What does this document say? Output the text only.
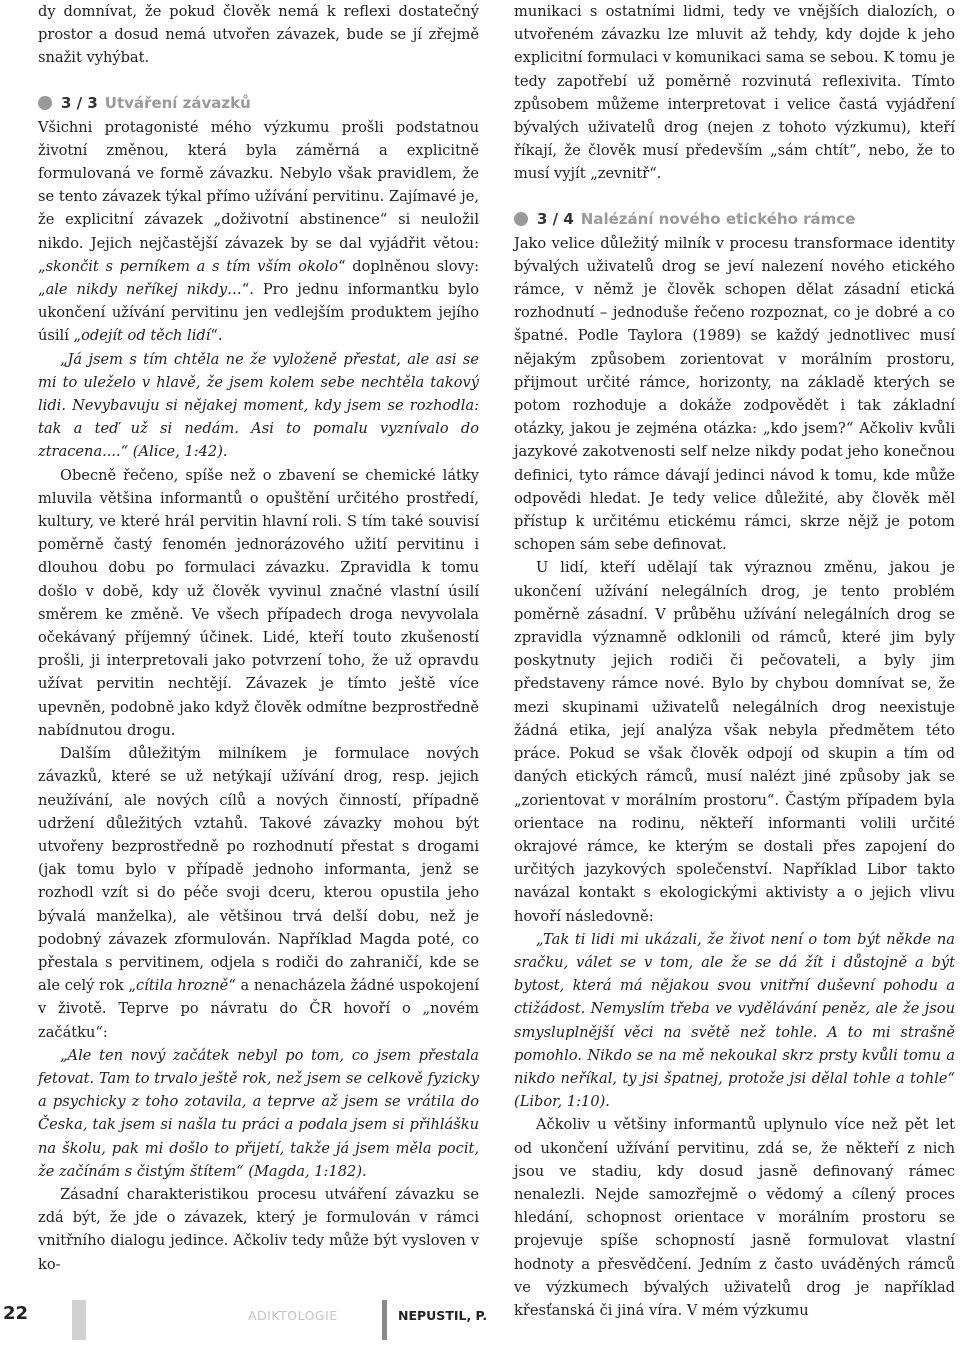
dy domnívat, že pokud člověk nemá k reflexi dostatečný prostor a dosud nemá utvořen závazek, bude se jí zřejmě snažit vyhýbat.

3 / 3 Utváření závazků

Všichni protagonisté mého výzkumu prošli podstatnou životní změnou, která byla záměrná a explicitně formulovaná ve formě závazku. Nebylo však pravidlem, že se tento závazek týkal přímo užívání pervitinu. Zajímavé je, že explicitní závazek „doživotní abstinence“ si neuložil nikdo. Jejich nejčastější závazek by se dal vyjádřit větou: „skončit s perníkem a s tím vším okolo“ doplněnou slovy: „ale nikdy neříkej nikdy…“. Pro jednu informantku bylo ukončení užívání pervitinu jen vedlejším produktem jejího úsilí „odejít od těch lidí“.

„Já jsem s tím chtěla ne že vyloženě přestat, ale asi se mi to uleželo v hlavě, že jsem kolem sebe nechtěla takový lidi. Nevybavuju si nějakej moment, kdy jsem se rozhodla: tak a teď už si nedám. Asi to pomalu vyznívalo do ztracena....“ (Alice, 1:42).

Obecně řečeno, spíše než o zbavení se chemické látky mluvila většina informantů o opuštění určitého prostředí, kultury, ve které hrál pervitin hlavní roli. S tím také souvisí poměrně častý fenomén jednorázového užití pervitinu i dlouhou dobu po formulaci závazku. Zpravidla k tomu došlo v době, kdy už člověk vyvinul značné vlastní úsilí směrem ke změně. Ve všech případech droga nevyvolala očekávaný příjemný účinek. Lidé, kteří touto zkušeností prošli, ji interpretovali jako potvrzení toho, že už opravdu užívat pervitin nechtějí. Závazek je tímto ještě více upevněn, podobně jako když člověk odmítne bezprostředně nabídnutou drogu.

Dalším důležitým milníkem je formulace nových závazků, které se už netýkají užívání drog, resp. jejich neužívání, ale nových cílů a nových činností, případně udržení důležitých vztahů. Takové závazky mohou být utvořeny bezprostředně po rozhodnutí přestat s drogami (jak tomu bylo v případě jednoho informanta, jenž se rozhodl vzít si do péče svoji dceru, kterou opustila jeho bývalá manželka), ale většinou trvá delší dobu, než je podobný závazek zformulován. Například Magda poté, co přestala s pervitinem, odjela s rodiči do zahraničí, kde se ale celý rok „cítila hrozně“ a nenacházela žádné uspokojení v životě. Teprve po návratu do ČR hovoří o „novém začátku“:

„Ale ten nový začátek nebyl po tom, co jsem přestala fetovat. Tam to trvalo ještě rok, než jsem se celkově fyzicky a psychicky z toho zotavila, a teprve až jsem se vrátila do Česka, tak jsem si našla tu práci a podala jsem si přihlášku na školu, pak mi došlo to přijetí, takže já jsem měla pocit, že začínám s čistým štítem“ (Magda, 1:182).

Zásadní charakteristikou procesu utváření závazku se zdá být, že jde o závazek, který je formulován v rámci vnitřního dialogu jedince. Ačkoliv tedy může být vysloven v ko-

munikaci s ostatními lidmi, tedy ve vnějších dialozích, o utvořeném závazku lze mluvit až tehdy, kdy dojde k jeho explicitní formulaci v komunikaci sama se sebou. K tomu je tedy zapotřebí už poměrně rozvinutá reflexivita. Tímto způsobem můžeme interpretovat i velice častá vyjádření bývalých uživatelů drog (nejen z tohoto výzkumu), kteří říkají, že člověk musí především „sám chtít“, nebo, že to musí vyjít „zevnitř“.

3 / 4 Nalézání nového etického rámce

Jako velice důležitý milník v procesu transformace identity bývalých uživatelů drog se jeví nalezení nového etického rámce, v němž je člověk schopen dělat zásadní etická rozhodnutí – jednoduše řečeno rozpoznat, co je dobré a co špatné. Podle Taylora (1989) se každý jednotlivec musí nějakým způsobem zorientovat v morálním prostoru, přijmout určité rámce, horizonty, na základě kterých se potom rozhoduje a dokáže zodpovědět i tak základní otázky, jakou je zejména otázka: „kdo jsem?“ Ačkoliv kvůli jazykové zakotvenosti self nelze nikdy podat jeho konečnou definici, tyto rámce dávají jedinci návod k tomu, kde může odpovědi hledat. Je tedy velice důležité, aby člověk měl přístup k určitému etickému rámci, skrze nějž je potom schopen sám sebe definovat.

U lidí, kteří udělají tak výraznou změnu, jakou je ukončení užívání nelegálních drog, je tento problém poměrně zásadní. V průběhu užívání nelegálních drog se zpravidla významně odklonili od rámců, které jim byly poskytnuty jejich rodiči či pečovateli, a byly jim představeny rámce nové. Bylo by chybou domnívat se, že mezi skupinami uživatelů nelegálních drog neexistuje žádná etika, její analýza však nebyla předmětem této práce. Pokud se však člověk odpojí od skupin a tím od daných etických rámců, musí nalézt jiné způsoby jak se „zorientovat v morálním prostoru“. Častým případem byla orientace na rodinu, někteří informanti volili určité okrajové rámce, ke kterým se dostali přes zapojení do určitých jazykových společenství. Například Libor takto navázal kontakt s ekologickými aktivisty a o jejich vlivu hovoří následovně:

„Tak ti lidi mi ukázali, že život není o tom být někde na sračku, válet se v tom, ale že se dá žít i důstojně a být bytost, která má nějakou svou vnitřní duševní pohodu a ctižádost. Nemyslím třeba ve vydělávání peněz, ale že jsou smysluplnější věci na světě než tohle. A to mi strašně pomohlo. Nikdo se na mě nekoukal skrz prsty kvůli tomu a nikdo neříkal, ty jsi špatnej, protože jsi dělal tohle a tohle“ (Libor, 1:10).

Ačkoliv u většiny informantů uplynulo více než pět let od ukončení užívání pervitinu, zdá se, že někteří z nich jsou ve stadiu, kdy dosud jasně definovaný rámec nenalezli. Nejde samozřejmě o vědomý a cílený proces hledání, schopnost orientace v morálním prostoru se projevuje spíše schopností jasně formulovat vlastní hodnoty a přesvědčení. Jedním z často uváděných rámců ve výzkumech bývalých uživatelů drog je například křesťanská či jiná víra. V mém výzkumu

22	ADIKTOLOGIE	NEPUSTIL, P.
